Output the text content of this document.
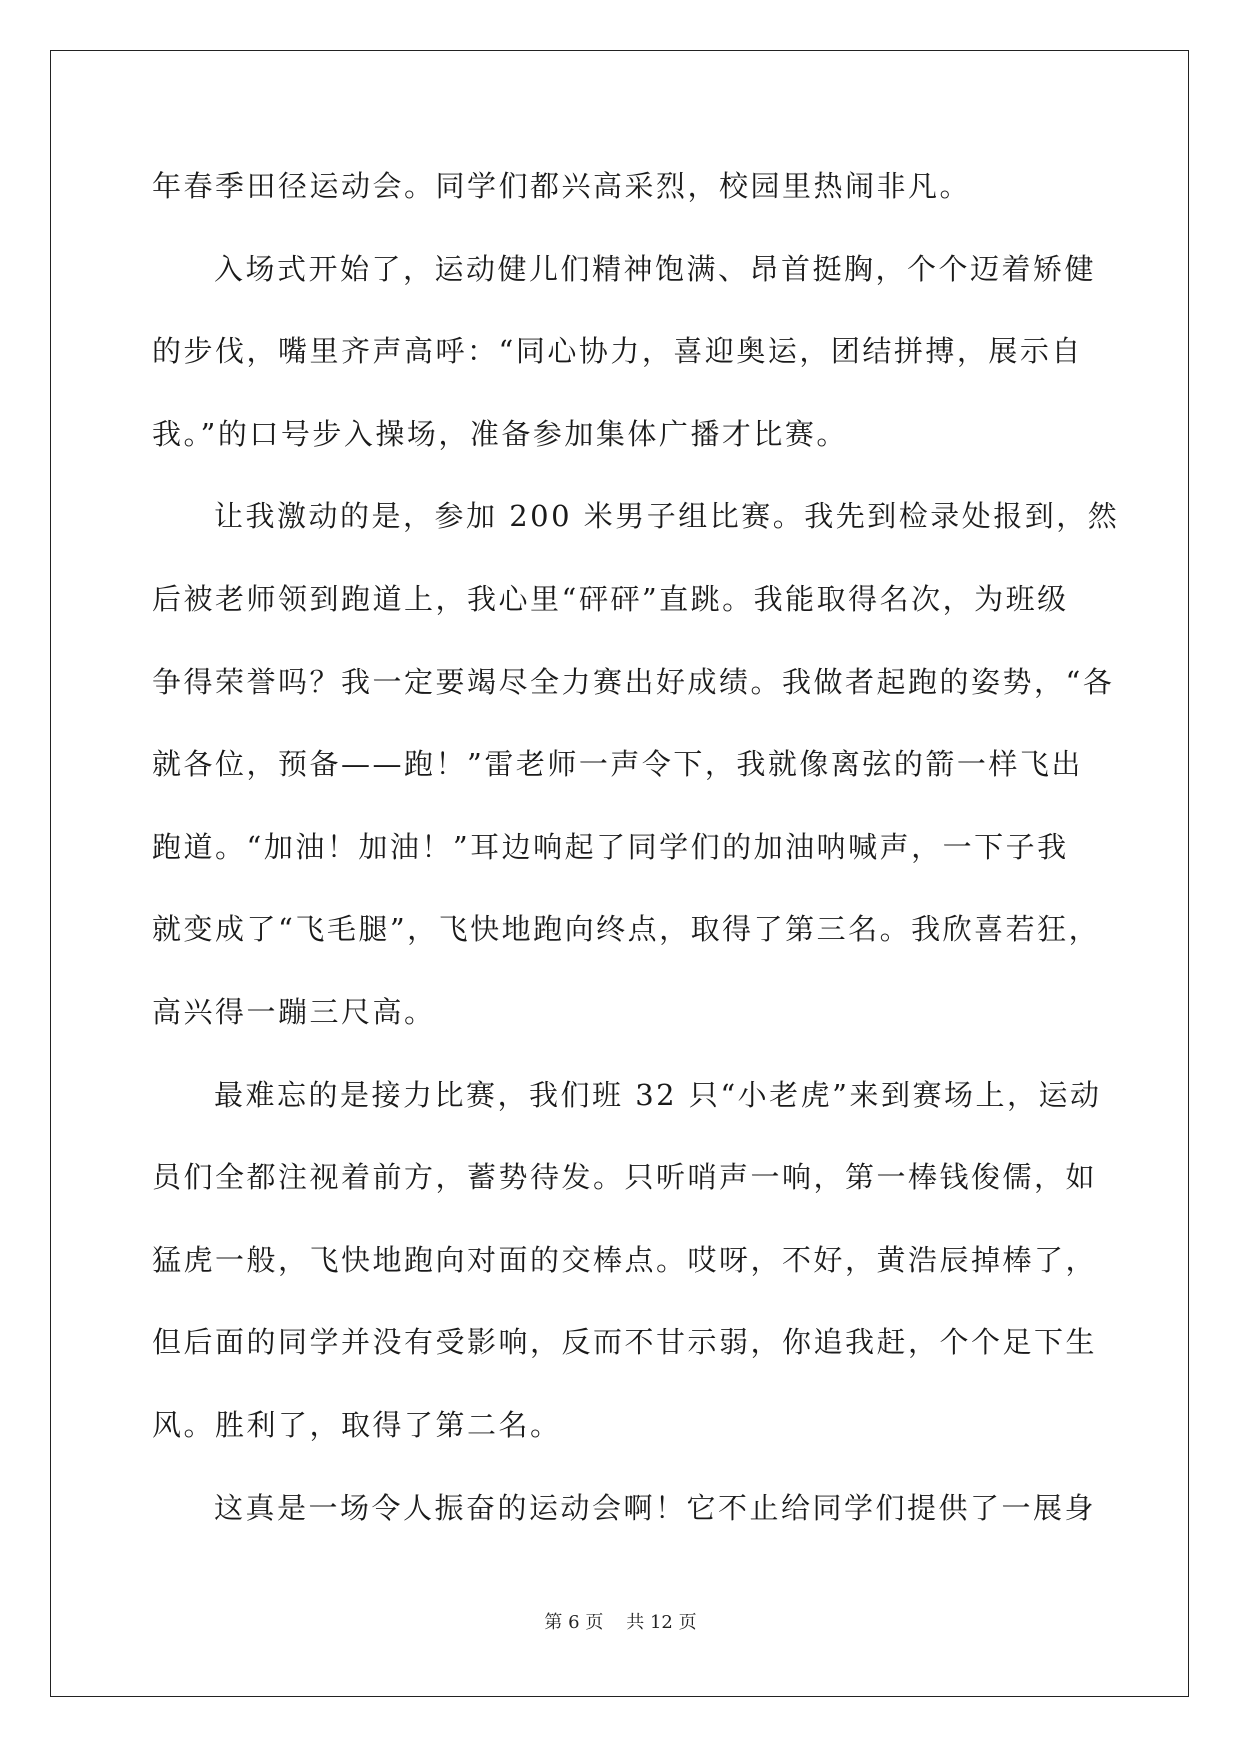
年春季田径运动会。同学们都兴高采烈，校园里热闹非凡。
入场式开始了，运动健儿们精神饱满、昂首挺胸，个个迈着矫健
的步伐，嘴里齐声高呼：“同心协力，喜迎奥运，团结拼搏，展示自
我。”的口号步入操场，准备参加集体广播才比赛。
让我激动的是，参加 200 米男子组比赛。我先到检录处报到，然
后被老师领到跑道上，我心里“砰砰”直跳。我能取得名次，为班级
争得荣誉吗？我一定要竭尽全力赛出好成绩。我做者起跑的姿势，“各
就各位，预备——跑！”雷老师一声令下，我就像离弦的箭一样飞出
跑道。“加油！加油！”耳边响起了同学们的加油呐喊声，一下子我
就变成了“飞毛腿”，飞快地跑向终点，取得了第三名。我欣喜若狂，
高兴得一蹦三尺高。
最难忘的是接力比赛，我们班 32 只“小老虎”来到赛场上，运动
员们全都注视着前方，蓄势待发。只听哨声一响，第一棒钱俊儒，如
猛虎一般，飞快地跑向对面的交棒点。哎呀，不好，黄浩辰掉棒了，
但后面的同学并没有受影响，反而不甘示弱，你追我赶，个个足下生
风。胜利了，取得了第二名。
这真是一场令人振奋的运动会啊！它不止给同学们提供了一展身
第 6 页 共 12 页
